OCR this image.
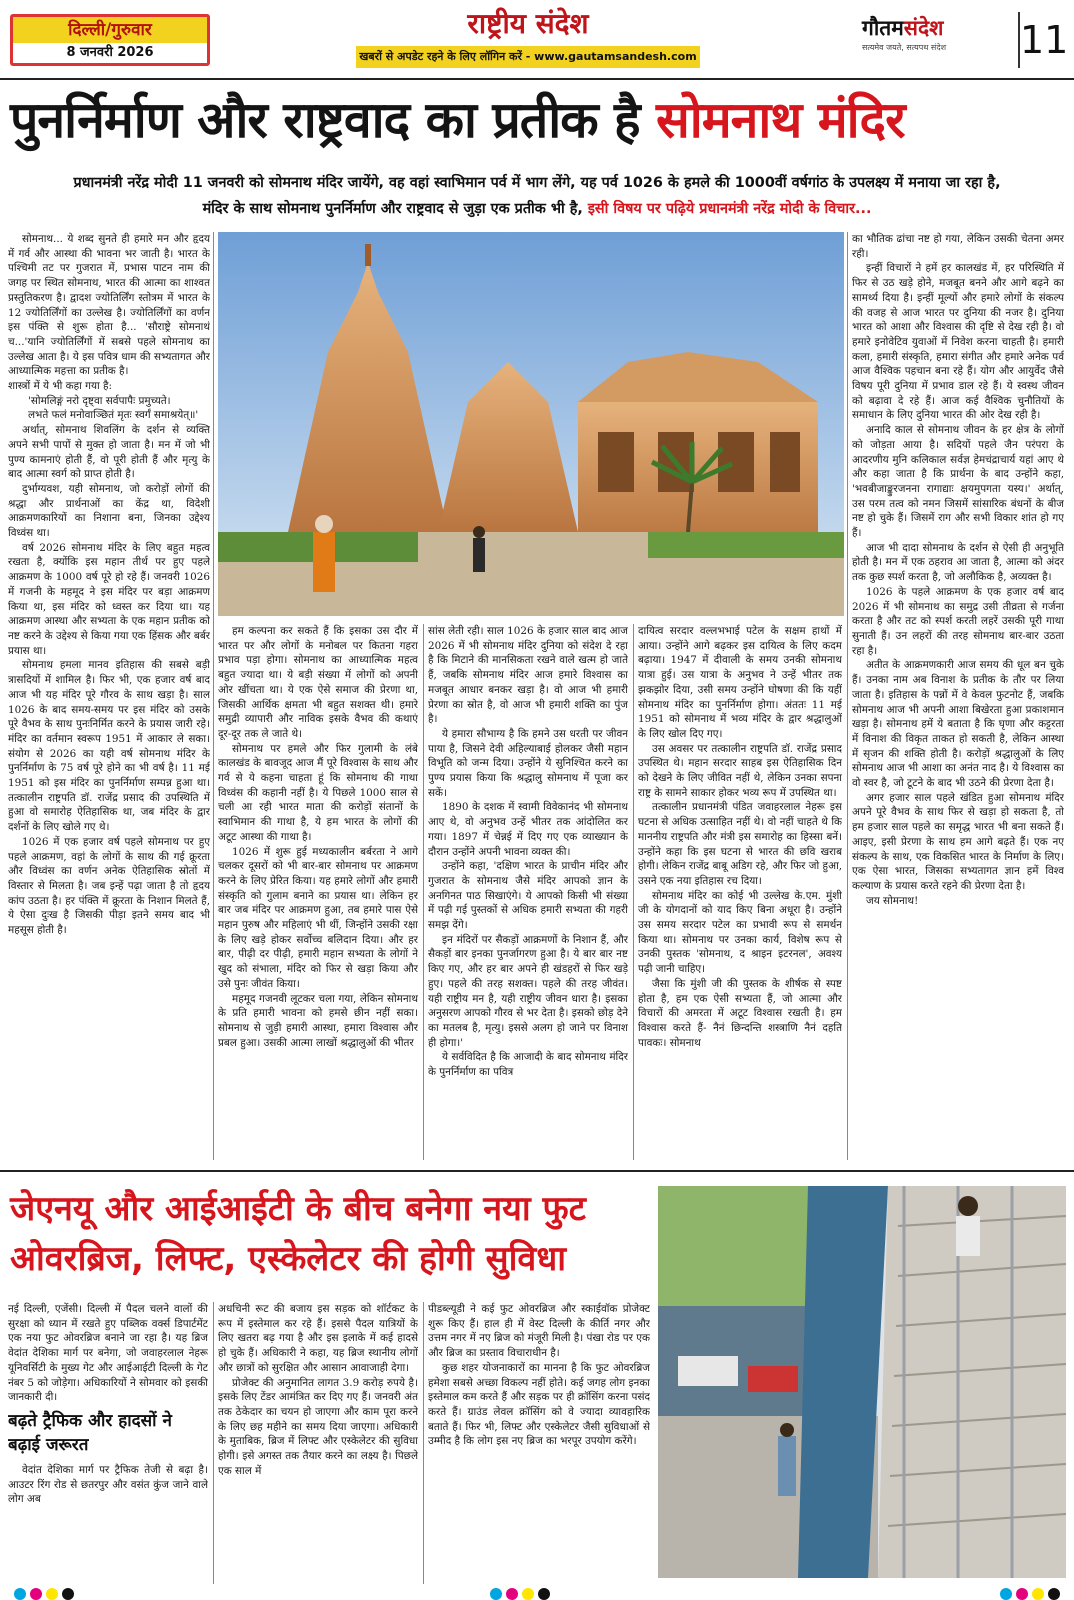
दिल्ली/गुरुवार
8 जनवरी 2026
राष्ट्रीय संदेश
खबरों से अपडेट रहने के लिए लॉगिन करें - www.gautamsandesh.com
गौतमसंदेश
सत्यमेव जयते, सत्यपथ संदेश	11
पुनर्निर्माण और राष्ट्रवाद का प्रतीक है सोमनाथ मंदिर
प्रधानमंत्री नरेंद्र मोदी 11 जनवरी को सोमनाथ मंदिर जायेंगे, वह वहां स्वाभिमान पर्व में भाग लेंगे, यह पर्व 1026 के हमले की 1000वीं वर्षगांठ के उपलक्ष्य में मनाया जा रहा है,
मंदिर के साथ सोमनाथ पुनर्निर्माण और राष्ट्रवाद से जुड़ा एक प्रतीक भी है, इसी विषय पर पढ़िये प्रधानमंत्री नरेंद्र मोदी के विचार...

सोमनाथ... ये शब्द सुनते ही हमारे मन और हृदय में गर्व और आस्था की भावना भर जाती है। भारत के पश्चिमी तट पर गुजरात में, प्रभास पाटन नाम की जगह पर स्थित सोमनाथ, भारत की आत्मा का शाश्वत प्रस्तुतिकरण है। द्वादश ज्योतिर्लिंग स्तोत्रम में भारत के 12 ज्योतिर्लिंगों का उल्लेख है। ज्योतिर्लिंगों का वर्णन इस पंक्ति से शुरू होता है... 'सौराष्ट्रे सोमनाथं च...'यानि ज्योतिर्लिंगों में सबसे पहले सोमनाथ का उल्लेख आता है। ये इस पवित्र धाम की सभ्यतागत और आध्यात्मिक महत्ता का प्रतीक है।

शास्त्रों में ये भी कहा गया है:

'सोमलिङ्गं नरो दृष्ट्वा सर्वपापैः प्रमुच्यते।

लभते फलं मनोवाञ्छितं मृतः स्वर्गं समाश्रयेत्॥'

अर्थात्, सोमनाथ शिवलिंग के दर्शन से व्यक्ति अपने सभी पापों से मुक्त हो जाता है। मन में जो भी पुण्य कामनाएं होती हैं, वो पूरी होती हैं और मृत्यु के बाद आत्मा स्वर्ग को प्राप्त होती है।

दुर्भाग्यवश, यही सोमनाथ, जो करोड़ों लोगों की श्रद्धा और प्रार्थनाओं का केंद्र था, विदेशी आक्रमणकारियों का निशाना बना, जिनका उद्देश्य विध्वंस था।

वर्ष 2026 सोमनाथ मंदिर के लिए बहुत महत्व रखता है, क्योंकि इस महान तीर्थ पर हुए पहले आक्रमण के 1000 वर्ष पूरे हो रहे हैं। जनवरी 1026 में गजनी के महमूद ने इस मंदिर पर बड़ा आक्रमण किया था, इस मंदिर को ध्वस्त कर दिया था। यह आक्रमण आस्था और सभ्यता के एक महान प्रतीक को नष्ट करने के उद्देश्य से किया गया एक हिंसक और बर्बर प्रयास था।

सोमनाथ हमला मानव इतिहास की सबसे बड़ी त्रासदियों में शामिल है। फिर भी, एक हजार वर्ष बाद आज भी यह मंदिर पूरे गौरव के साथ खड़ा है। साल 1026 के बाद समय-समय पर इस मंदिर को उसके पूरे वैभव के साथ पुनःनिर्मित करने के प्रयास जारी रहे। मंदिर का वर्तमान स्वरूप 1951 में आकार ले सका। संयोग से 2026 का यही वर्ष सोमनाथ मंदिर के पुनर्निर्माण के 75 वर्ष पूरे होने का भी वर्ष है। 11 मई 1951 को इस मंदिर का पुनर्निर्माण सम्पन्न हुआ था। तत्कालीन राष्ट्रपति डॉ. राजेंद्र प्रसाद की उपस्थिति में हुआ वो समारोह ऐतिहासिक था, जब मंदिर के द्वार दर्शनों के लिए खोले गए थे।

1026 में एक हजार वर्ष पहले सोमनाथ पर हुए पहले आक्रमण, वहां के लोगों के साथ की गई क्रूरता और विध्वंस का वर्णन अनेक ऐतिहासिक स्रोतों में विस्तार से मिलता है। जब इन्हें पढ़ा जाता है तो हृदय कांप उठता है। हर पंक्ति में क्रूरता के निशान मिलते हैं, ये ऐसा दुःख है जिसकी पीड़ा इतने समय बाद भी महसूस होती है।

हम कल्पना कर सकते हैं कि इसका उस दौर में भारत पर और लोगों के मनोबल पर कितना गहरा प्रभाव पड़ा होगा। सोमनाथ का आध्यात्मिक महत्व बहुत ज्यादा था। ये बड़ी संख्या में लोगों को अपनी ओर खींचता था। ये एक ऐसे समाज की प्रेरणा था, जिसकी आर्थिक क्षमता भी बहुत सशक्त थी। हमारे समुद्री व्यापारी और नाविक इसके वैभव की कथाएं दूर-दूर तक ले जाते थे।

सोमनाथ पर हमले और फिर गुलामी के लंबे कालखंड के बावजूद आज मैं पूरे विश्वास के साथ और गर्व से ये कहना चाहता हूं कि सोमनाथ की गाथा विध्वंस की कहानी नहीं है। ये पिछले 1000 साल से चली आ रही भारत माता की करोड़ों संतानों के स्वाभिमान की गाथा है, ये हम भारत के लोगों की अटूट आस्था की गाथा है।

1026 में शुरू हुई मध्यकालीन बर्बरता ने आगे चलकर दूसरों को भी बार-बार सोमनाथ पर आक्रमण करने के लिए प्रेरित किया। यह हमारे लोगों और हमारी संस्कृति को गुलाम बनाने का प्रयास था। लेकिन हर बार जब मंदिर पर आक्रमण हुआ, तब हमारे पास ऐसे महान पुरुष और महिलाएं भी थीं, जिन्होंने उसकी रक्षा के लिए खड़े होकर सर्वोच्च बलिदान दिया। और हर बार, पीढ़ी दर पीढ़ी, हमारी महान सभ्यता के लोगों ने खुद को संभाला, मंदिर को फिर से खड़ा किया और उसे पुनः जीवंत किया।

महमूद गजनवी लूटकर चला गया, लेकिन सोमनाथ के प्रति हमारी भावना को हमसे छीन नहीं सका। सोमनाथ से जुड़ी हमारी आस्था, हमारा विश्वास और प्रबल हुआ। उसकी आत्मा लाखों श्रद्धालुओं की भीतर

सांस लेती रही। साल 1026 के हजार साल बाद आज 2026 में भी सोमनाथ मंदिर दुनिया को संदेश दे रहा है कि मिटाने की मानसिकता रखने वाले खत्म हो जाते हैं, जबकि सोमनाथ मंदिर आज हमारे विश्वास का मजबूत आधार बनकर खड़ा है। वो आज भी हमारी प्रेरणा का स्रोत है, वो आज भी हमारी शक्ति का पुंज है।

ये हमारा सौभाग्य है कि हमने उस धरती पर जीवन पाया है, जिसने देवी अहिल्याबाई होलकर जैसी महान विभूति को जन्म दिया। उन्होंने ये सुनिश्चित करने का पुण्य प्रयास किया कि श्रद्धालु सोमनाथ में पूजा कर सकें।

1890 के दशक में स्वामी विवेकानंद भी सोमनाथ आए थे, वो अनुभव उन्हें भीतर तक आंदोलित कर गया। 1897 में चेन्नई में दिए गए एक व्याख्यान के दौरान उन्होंने अपनी भावना व्यक्त की।

उन्होंने कहा, 'दक्षिण भारत के प्राचीन मंदिर और गुजरात के सोमनाथ जैसे मंदिर आपको ज्ञान के अनगिनत पाठ सिखाएंगे। ये आपको किसी भी संख्या में पढ़ी गई पुस्तकों से अधिक हमारी सभ्यता की गहरी समझ देंगे।

इन मंदिरों पर सैकड़ों आक्रमणों के निशान हैं, और सैकड़ों बार इनका पुनर्जागरण हुआ है। ये बार बार नष्ट किए गए, और हर बार अपने ही खंडहरों से फिर खड़े हुए। पहले की तरह सशक्त। पहले की तरह जीवंत। यही राष्ट्रीय मन है, यही राष्ट्रीय जीवन धारा है। इसका अनुसरण आपको गौरव से भर देता है। इसको छोड़ देने का मतलब है, मृत्यु। इससे अलग हो जाने पर विनाश ही होगा।'

ये सर्वविदित है कि आजादी के बाद सोमनाथ मंदिर के पुनर्निर्माण का पवित्र

दायित्व सरदार वल्लभभाई पटेल के सक्षम हाथों में आया। उन्होंने आगे बढ़कर इस दायित्व के लिए कदम बढ़ाया। 1947 में दीवाली के समय उनकी सोमनाथ यात्रा हुई। उस यात्रा के अनुभव ने उन्हें भीतर तक झकझोर दिया, उसी समय उन्होंने घोषणा की कि यहीं सोमनाथ मंदिर का पुनर्निर्माण होगा। अंततः 11 मई 1951 को सोमनाथ में भव्य मंदिर के द्वार श्रद्धालुओं के लिए खोल दिए गए।

उस अवसर पर तत्कालीन राष्ट्रपति डॉ. राजेंद्र प्रसाद उपस्थित थे। महान सरदार साहब इस ऐतिहासिक दिन को देखने के लिए जीवित नहीं थे, लेकिन उनका सपना राष्ट्र के सामने साकार होकर भव्य रूप में उपस्थित था।

तत्कालीन प्रधानमंत्री पंडित जवाहरलाल नेहरू इस घटना से अधिक उत्साहित नहीं थे। वो नहीं चाहते थे कि माननीय राष्ट्रपति और मंत्री इस समारोह का हिस्सा बनें। उन्होंने कहा कि इस घटना से भारत की छवि खराब होगी। लेकिन राजेंद्र बाबू अडिग रहे, और फिर जो हुआ, उसने एक नया इतिहास रच दिया।

सोमनाथ मंदिर का कोई भी उल्लेख के.एम. मुंशी जी के योगदानों को याद किए बिना अधूरा है। उन्होंने उस समय सरदार पटेल का प्रभावी रूप से समर्थन किया था। सोमनाथ पर उनका कार्य, विशेष रूप से उनकी पुस्तक 'सोमनाथ, द श्राइन इटरनल', अवश्य पढ़ी जानी चाहिए।

जैसा कि मुंशी जी की पुस्तक के शीर्षक से स्पष्ट होता है, हम एक ऐसी सभ्यता हैं, जो आत्मा और विचारों की अमरता में अटूट विश्वास रखती है। हम विश्वास करते हैं- नैनं छिन्दन्ति शस्त्राणि नैनं दहति पावकः। सोमनाथ

का भौतिक ढांचा नष्ट हो गया, लेकिन उसकी चेतना अमर रही।

इन्हीं विचारों ने हमें हर कालखंड में, हर परिस्थिति में फिर से उठ खड़े होने, मजबूत बनने और आगे बढ़ने का सामर्थ्य दिया है। इन्हीं मूल्यों और हमारे लोगों के संकल्प की वजह से आज भारत पर दुनिया की नजर है। दुनिया भारत को आशा और विश्वास की दृष्टि से देख रही है। वो हमारे इनोवेटिव युवाओं में निवेश करना चाहती है। हमारी कला, हमारी संस्कृति, हमारा संगीत और हमारे अनेक पर्व आज वैश्विक पहचान बना रहे हैं। योग और आयुर्वेद जैसे विषय पूरी दुनिया में प्रभाव डाल रहे हैं। ये स्वस्थ जीवन को बढ़ावा दे रहे हैं। आज कई वैश्विक चुनौतियों के समाधान के लिए दुनिया भारत की ओर देख रही है।

अनादि काल से सोमनाथ जीवन के हर क्षेत्र के लोगों को जोड़ता आया है। सदियों पहले जैन परंपरा के आदरणीय मुनि कलिकाल सर्वज्ञ हेमचंद्राचार्य यहां आए थे और कहा जाता है कि प्रार्थना के बाद उन्होंने कहा, 'भवबीजाङ्कुरजनना रागाद्याः क्षयमुपगता यस्य।' अर्थात्, उस परम तत्व को नमन जिसमें सांसारिक बंधनों के बीज नष्ट हो चुके हैं। जिसमें राग और सभी विकार शांत हो गए हैं।

आज भी दादा सोमनाथ के दर्शन से ऐसी ही अनुभूति होती है। मन में एक ठहराव आ जाता है, आत्मा को अंदर तक कुछ स्पर्श करता है, जो अलौकिक है, अव्यक्त है।

1026 के पहले आक्रमण के एक हजार वर्ष बाद 2026 में भी सोमनाथ का समुद्र उसी तीव्रता से गर्जना करता है और तट को स्पर्श करती लहरें उसकी पूरी गाथा सुनाती हैं। उन लहरों की तरह सोमनाथ बार-बार उठता रहा है।

अतीत के आक्रमणकारी आज समय की धूल बन चुके हैं। उनका नाम अब विनाश के प्रतीक के तौर पर लिया जाता है। इतिहास के पन्नों में वे केवल फुटनोट हैं, जबकि सोमनाथ आज भी अपनी आशा बिखेरता हुआ प्रकाशमान खड़ा है। सोमनाथ हमें ये बताता है कि घृणा और कट्टरता में विनाश की विकृत ताकत हो सकती है, लेकिन आस्था में सृजन की शक्ति होती है। करोड़ों श्रद्धालुओं के लिए सोमनाथ आज भी आशा का अनंत नाद है। ये विश्वास का वो स्वर है, जो टूटने के बाद भी उठने की प्रेरणा देता है।

अगर हजार साल पहले खंडित हुआ सोमनाथ मंदिर अपने पूरे वैभव के साथ फिर से खड़ा हो सकता है, तो हम हजार साल पहले का समृद्ध भारत भी बना सकते हैं। आइए, इसी प्रेरणा के साथ हम आगे बढ़ते हैं। एक नए संकल्प के साथ, एक विकसित भारत के निर्माण के लिए। एक ऐसा भारत, जिसका सभ्यतागत ज्ञान हमें विश्व कल्याण के प्रयास करते रहने की प्रेरणा देता है।

जय सोमनाथ!

जेएनयू और आईआईटी के बीच बनेगा नया फुट ओवरब्रिज, लिफ्ट, एस्केलेटर की होगी सुविधा

नई दिल्ली, एजेंसी। दिल्ली में पैदल चलने वालों की सुरक्षा को ध्यान में रखते हुए पब्लिक वर्क्स डिपार्टमेंट एक नया फुट ओवरब्रिज बनाने जा रहा है। यह ब्रिज वेदांत देशिका मार्ग पर बनेगा, जो जवाहरलाल नेहरू यूनिवर्सिटी के मुख्य गेट और आईआईटी दिल्ली के गेट नंबर 5 को जोड़ेगा। अधिकारियों ने सोमवार को इसकी जानकारी दी।

बढ़ते ट्रैफिक और हादसों ने बढ़ाई जरूरत

वेदांत देशिका मार्ग पर ट्रैफिक तेजी से बढ़ा है। आउटर रिंग रोड से छतरपुर और वसंत कुंज जाने वाले लोग अब

अधचिनी रूट की बजाय इस सड़क को शॉर्टकट के रूप में इस्तेमाल कर रहे हैं। इससे पैदल यात्रियों के लिए खतरा बढ़ गया है और इस इलाके में कई हादसे हो चुके हैं। अधिकारी ने कहा, यह ब्रिज स्थानीय लोगों और छात्रों को सुरक्षित और आसान आवाजाही देगा।

प्रोजेक्ट की अनुमानित लागत 3.9 करोड़ रुपये है। इसके लिए टेंडर आमंत्रित कर दिए गए हैं। जनवरी अंत तक ठेकेदार का चयन हो जाएगा और काम पूरा करने के लिए छह महीने का समय दिया जाएगा। अधिकारी के मुताबिक, ब्रिज में लिफ्ट और एस्केलेटर की सुविधा होगी। इसे अगस्त तक तैयार करने का लक्ष्य है। पिछले एक साल में

पीडब्ल्यूडी ने कई फुट ओवरब्रिज और स्काईवॉक प्रोजेक्ट शुरू किए हैं। हाल ही में वेस्ट दिल्ली के कीर्ति नगर और उत्तम नगर में नए ब्रिज को मंजूरी मिली है। पंखा रोड पर एक और ब्रिज का प्रस्ताव विचाराधीन है।

कुछ शहर योजनाकारों का मानना है कि फुट ओवरब्रिज हमेशा सबसे अच्छा विकल्प नहीं होते। कई जगह लोग इनका इस्तेमाल कम करते हैं और सड़क पर ही क्रॉसिंग करना पसंद करते हैं। ग्राउंड लेवल क्रॉसिंग को वे ज्यादा व्यावहारिक बताते हैं। फिर भी, लिफ्ट और एस्केलेटर जैसी सुविधाओं से उम्मीद है कि लोग इस नए ब्रिज का भरपूर उपयोग करेंगे।
